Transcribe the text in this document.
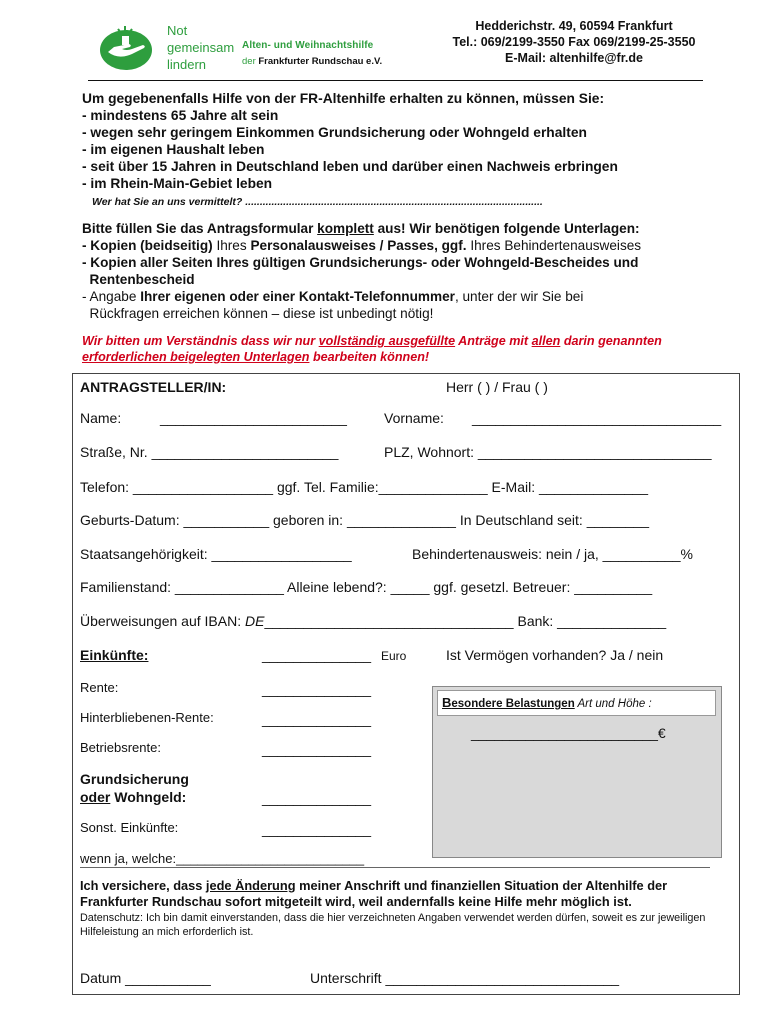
Not
gemeinsam
lindern
Alten- und Weihnachtshilfe
der Frankfurter Rundschau e.V.
Hedderichstr. 49, 60594 Frankfurt
Tel.: 069/2199-3550 Fax 069/2199-25-3550
E-Mail: altenhilfe@fr.de
Um gegebenenfalls Hilfe von der FR-Altenhilfe erhalten zu können, müssen Sie:
- mindestens 65 Jahre alt sein
- wegen sehr geringem Einkommen Grundsicherung oder Wohngeld erhalten
- im eigenen Haushalt leben
- seit über 15 Jahren in Deutschland leben und darüber einen Nachweis erbringen
- im Rhein-Main-Gebiet leben
Wer hat Sie an uns vermittelt? ......................................................................................................
Bitte füllen Sie das Antragsformular komplett aus! Wir benötigen folgende Unterlagen:
- Kopien (beidseitig) Ihres Personalausweises / Passes, ggf. Ihres Behindertenausweises
- Kopien aller Seiten Ihres gültigen Grundsicherungs- oder Wohngeld-Bescheides und
Rentenbescheid
- Angabe Ihrer eigenen oder einer Kontakt-Telefonnummer, unter der wir Sie bei
Rückfragen erreichen können – diese ist unbedingt nötig!
Wir bitten um Verständnis dass wir nur vollständig ausgefüllte Anträge mit allen darin genannten
erforderlichen beigelegten Unterlagen bearbeiten können!
ANTRAGSTELLER/IN:	Herr ( ) / Frau ( )
Name:	________________________	Vorname: ________________________________
Straße, Nr. ________________________	PLZ, Wohnort: ______________________________
Telefon: __________________ ggf. Tel. Familie:______________ E-Mail: ______________
Geburts-Datum: ___________ geboren in: ______________ In Deutschland seit: ________
Staatsangehörigkeit: __________________	Behindertenausweis: nein / ja, __________%
Familienstand: ______________ Alleine lebend?: _____ ggf. gesetzl. Betreuer: __________
Überweisungen auf IBAN: DE________________________________ Bank: ______________
Einkünfte:	______________ Euro	Ist Vermögen vorhanden? Ja / nein
Rente:	______________
Hinterbliebenen-Rente:	______________
Betriebsrente:	______________
Grundsicherung
oder Wohngeld:	______________
Sonst. Einkünfte:	______________
wenn ja, welche:__________________________
Besondere Belastungen Art und Höhe :
________________________€
Ich versichere, dass jede Änderung meiner Anschrift und finanziellen Situation der Altenhilfe der Frankfurter Rundschau sofort mitgeteilt wird, weil andernfalls keine Hilfe mehr möglich ist.
Datenschutz: Ich bin damit einverstanden, dass die hier verzeichneten Angaben verwendet werden dürfen, soweit es zur jeweiligen Hilfeleistung an mich erforderlich ist.
Datum ___________	Unterschrift ______________________________
